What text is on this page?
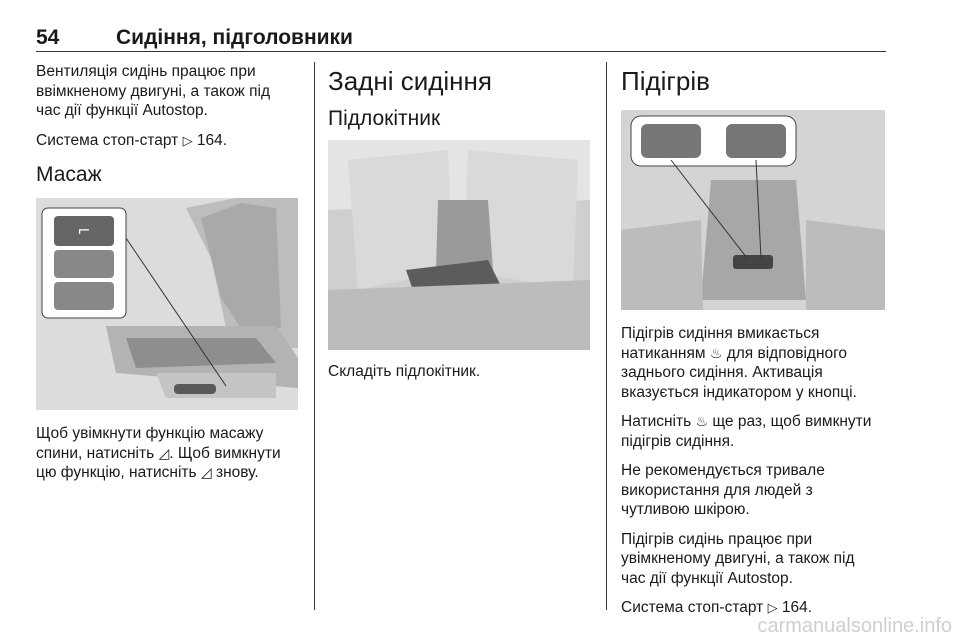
54	Сидіння, підголовники

Вентиляція сидінь працює при
ввімкненому двигуні, а також під
час дії функції Autostop.

Система стоп-старт ▷ 164.

Масаж
⌐

Щоб увімкнути функцію масажу
спини, натисніть ◿. Щоб вимкнути
цю функцію, натисніть ◿ знову.

Задні сидіння
Підлокітник

Складіть підлокітник.

Підігрів

Підігрів сидіння вмикається
натиканням ♨ для відповідного
заднього сидіння. Активація
вказується індикатором у кнопці.

Натисніть ♨ ще раз, щоб вимкнути
підігрів сидіння.

Не рекомендується тривале
використання для людей з
чутливою шкірою.

Підігрів сидінь працює при
увімкненому двигуні, а також під
час дії функції Autostop.

Система стоп-старт ▷ 164.

carmanualsonline.info
